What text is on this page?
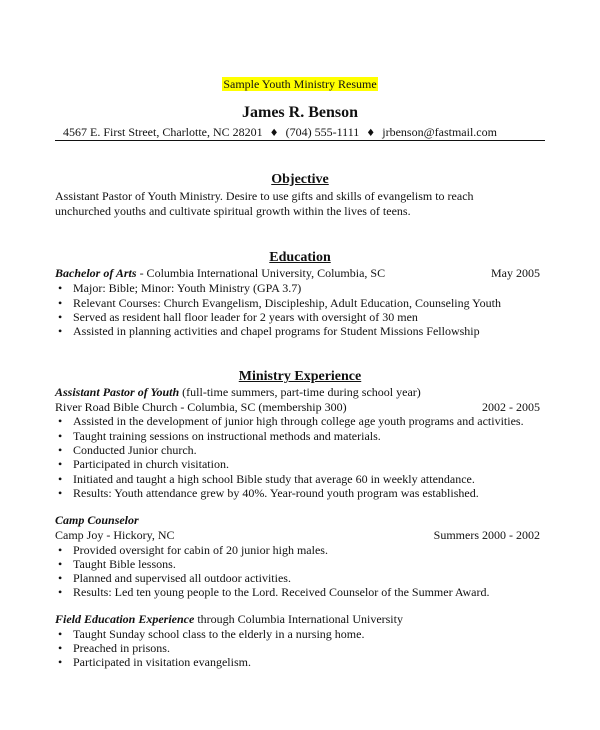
Sample Youth Ministry Resume
James R. Benson
4567 E. First Street, Charlotte, NC 28201 ♦ (704) 555-1111 ♦ jrbenson@fastmail.com
Objective
Assistant Pastor of Youth Ministry. Desire to use gifts and skills of evangelism to reach
unchurched youths and cultivate spiritual growth within the lives of teens.
Education
Bachelor of Arts - Columbia International University, Columbia, SC	May 2005
• Major: Bible; Minor: Youth Ministry (GPA 3.7)
• Relevant Courses: Church Evangelism, Discipleship, Adult Education, Counseling Youth
• Served as resident hall floor leader for 2 years with oversight of 30 men
• Assisted in planning activities and chapel programs for Student Missions Fellowship
Ministry Experience
Assistant Pastor of Youth (full-time summers, part-time during school year)
River Road Bible Church - Columbia, SC (membership 300)	2002 - 2005
• Assisted in the development of junior high through college age youth programs and activities.
• Taught training sessions on instructional methods and materials.
• Conducted Junior church.
• Participated in church visitation.
• Initiated and taught a high school Bible study that average 60 in weekly attendance.
• Results: Youth attendance grew by 40%. Year-round youth program was established.
Camp Counselor
Camp Joy - Hickory, NC	Summers 2000 - 2002
• Provided oversight for cabin of 20 junior high males.
• Taught Bible lessons.
• Planned and supervised all outdoor activities.
• Results: Led ten young people to the Lord. Received Counselor of the Summer Award.
Field Education Experience through Columbia International University
• Taught Sunday school class to the elderly in a nursing home.
• Preached in prisons.
• Participated in visitation evangelism.
